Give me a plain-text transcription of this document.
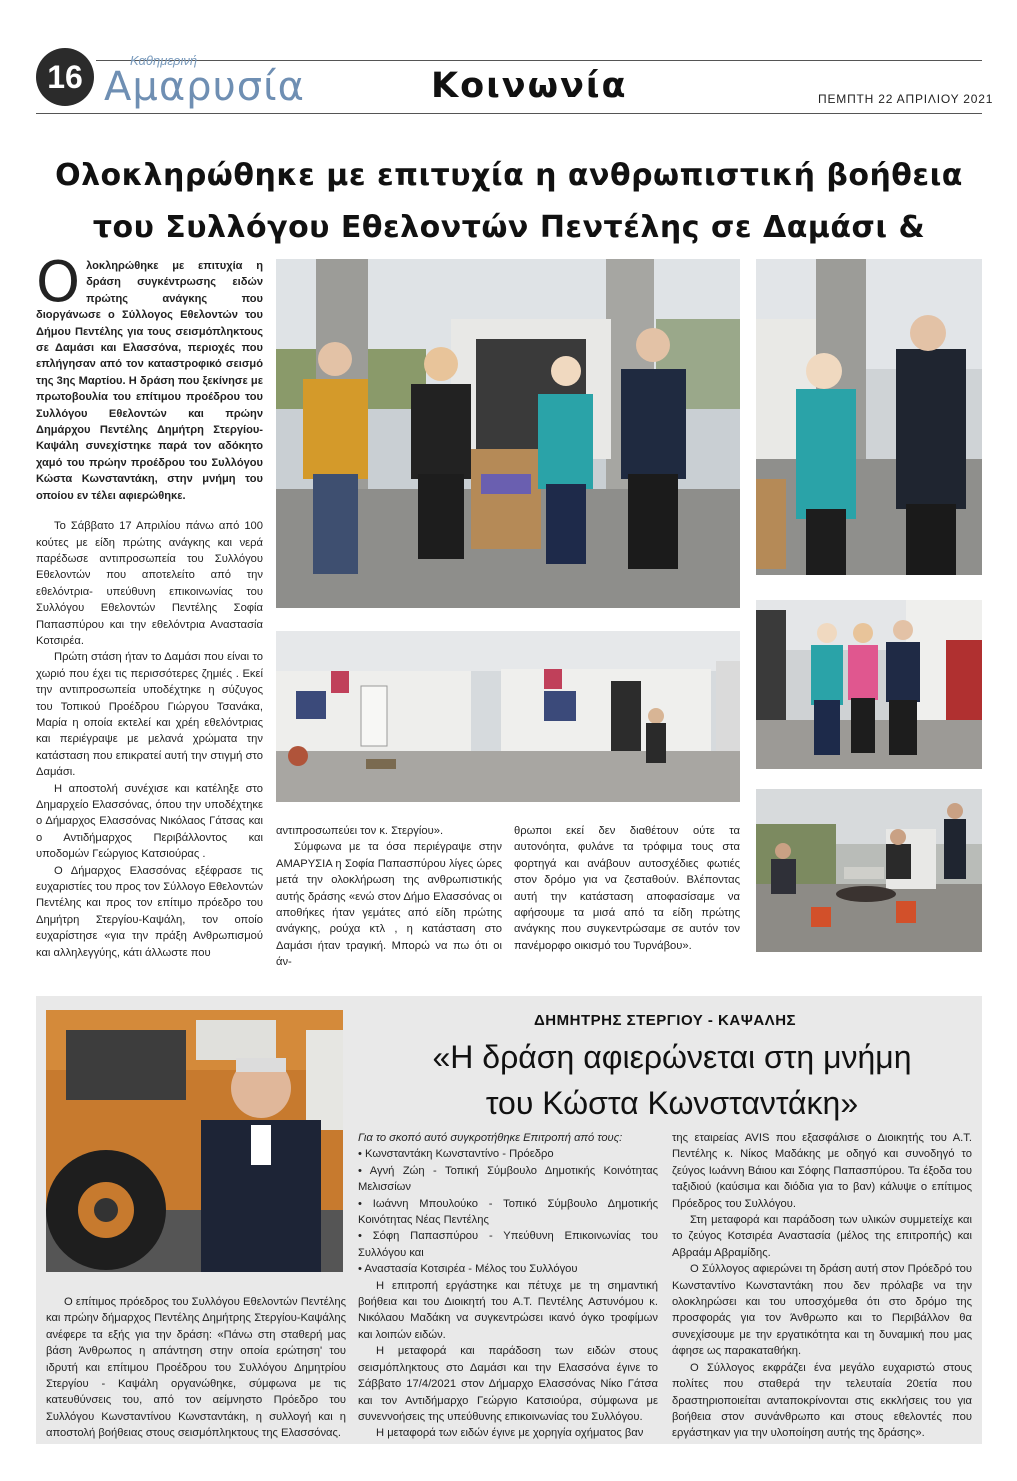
16	Καθημερινή
Αμαρυσία	Κοινωνία	ΠΕΜΠΤΗ 22 ΑΠΡΙΛΙΟΥ 2021
Ολοκληρώθηκε με επιτυχία η ανθρωπιστική βοήθεια
του Συλλόγου Εθελοντών Πεντέλης σε Δαμάσι &
Ο λοκληρώθηκε με επιτυχία η δράση συγκέντρωσης ειδών πρώτης ανάγκης που διοργάνωσε ο Σύλλογος Εθελοντών του Δήμου Πεντέλης για τους σεισμόπληκτους σε Δαμάσι και Ελασσόνα, περιοχές που επλήγησαν από τον καταστροφικό σεισμό της 3ης Μαρτίου. Η δράση που ξεκίνησε με πρωτοβουλία του επίτιμου προέδρου του Συλλόγου Εθελοντών και πρώην Δημάρχου Πεντέλης Δημήτρη Στεργίου-Καψάλη συνεχίστηκε παρά τον αδόκητο χαμό του πρώην προέδρου του Συλλόγου Κώστα Κωνσταντάκη, στην μνήμη του οποίου εν τέλει αφιερώθηκε.

Το Σάββατο 17 Απριλίου πάνω από 100 κούτες με είδη πρώτης ανάγκης και νερά παρέδωσε αντιπροσωπεία του Συλλόγου Εθελοντών που αποτελείτο από την εθελόντρια- υπεύθυνη επικοινωνίας του Συλλόγου Εθελοντών Πεντέλης Σοφία Παπασπύρου και την εθελόντρια Αναστασία Κοτσιρέα.

Πρώτη στάση ήταν το Δαμάσι που είναι το χωριό που έχει τις περισσότερες ζημιές . Εκεί την αντιπροσωπεία υποδέχτηκε η σύζυγος του Τοπικού Προέδρου Γιώργου Τσανάκα, Μαρία η οποία εκτελεί και χρέη εθελόντριας και περιέγραψε με μελανά χρώματα την κατάσταση που επικρατεί αυτή την στιγμή στο Δαμάσι.

Η αποστολή συνέχισε και κατέληξε στο Δημαρχείο Ελασσόνας, όπου την υποδέχτηκε ο Δήμαρχος Ελασσόνας Νικόλαος Γάτσας και ο Αντιδήμαρχος Περιβάλλοντος και υποδομών Γεώργιος Κατσιούρας .

Ο Δήμαρχος Ελασσόνας εξέφρασε τις ευχαριστίες του προς τον Σύλλογο Εθελοντών Πεντέλης και προς τον επίτιμο πρόεδρο του Δημήτρη Στεργίου-Καψάλη, τον οποίο ευχαρίστησε «για την πράξη Ανθρωπισμού και αλληλεγγύης, κάτι άλλωστε που

αντιπροσωπεύει τον κ. Στεργίου».

Σύμφωνα με τα όσα περιέγραψε στην ΑΜΑΡΥΣΙΑ η Σοφία Παπασπύρου λίγες ώρες μετά την ολοκλήρωση της ανθρωπιστικής αυτής δράσης «ενώ στον Δήμο Ελασσόνας οι αποθήκες ήταν γεμάτες από είδη πρώτης ανάγκης, ρούχα κτλ , η κατάσταση στο Δαμάσι ήταν τραγική. Μπορώ να πω ότι οι άν-

θρωποι εκεί δεν διαθέτουν ούτε τα αυτονόητα, φυλάνε τα τρόφιμα τους στα φορτηγά και ανάβουν αυτοσχέδιες φωτιές στον δρόμο για να ζεσταθούν. Βλέποντας αυτή την κατάσταση αποφασίσαμε να αφήσουμε τα μισά από τα είδη πρώτης ανάγκης που συγκεντρώσαμε σε αυτόν τον πανέμορφο οικισμό του Τυρνάβου».
ΔΗΜΗΤΡΗΣ ΣΤΕΡΓΙΟΥ - ΚΑΨΑΛΗΣ
«Η δράση αφιερώνεται στη μνήμη
του Κώστα Κωνσταντάκη»

Ο επίτιμος πρόεδρος του Συλλόγου Εθελοντών Πεντέλης και πρώην δήμαρχος Πεντέλης Δημήτρης Στεργίου-Καψάλης ανέφερε τα εξής για την δράση: «Πάνω στη σταθερή μας βάση Άνθρωπος η απάντηση στην οποία ερώτηση' του ιδρυτή και επίτιμου Προέδρου του Συλλόγου Δημητρίου Στεργίου - Καψάλη οργανώθηκε, σύμφωνα με τις κατευθύνσεις του, από τον αείμνηστο Πρόεδρο του Συλλόγου Κωνσταντίνου Κωνσταντάκη, η συλλογή και η αποστολή βοήθειας στους σεισμόπληκτους της Ελασσόνας.

Για το σκοπό αυτό συγκροτήθηκε Επιτροπή από τους:
• Κωνσταντάκη Κωνσταντίνο - Πρόεδρο
• Αγνή Ζώη - Τοπική Σύμβουλο Δημοτικής Κοινότητας Μελισσίων
• Ιωάννη Μπουλούκο - Τοπικό Σύμβουλο Δημοτικής Κοινότητας Νέας Πεντέλης
• Σόφη Παπασπύρου - Υπεύθυνη Επικοινωνίας του Συλλόγου και
• Αναστασία Κοτσιρέα - Μέλος του Συλλόγου

Η επιτροπή εργάστηκε και πέτυχε με τη σημαντική βοήθεια και του Διοικητή του Α.Τ. Πεντέλης Αστυνόμου κ. Νικόλαου Μαδάκη να συγκεντρώσει ικανό όγκο τροφίμων και λοιπών ειδών.

Η μεταφορά και παράδοση των ειδών στους σεισμόπληκτους στο Δαμάσι και την Ελασσόνα έγινε το Σάββατο 17/4/2021 στον Δήμαρχο Ελασσόνας Νίκο Γάτσα και τον Αντιδήμαρχο Γεώργιο Κατσιούρα, σύμφωνα με συνεννοήσεις της υπεύθυνης επικοινωνίας του Συλλόγου.

Η μεταφορά των ειδών έγινε με χορηγία οχήματος βαν

της εταιρείας AVIS που εξασφάλισε ο Διοικητής του Α.Τ. Πεντέλης κ. Νίκος Μαδάκης με οδηγό και συνοδηγό το ζεύγος Ιωάννη Βάιου και Σόφης Παπασπύρου. Τα έξοδα του ταξιδιού (καύσιμα και διόδια για το βαν) κάλυψε ο επίτιμος Πρόεδρος του Συλλόγου.

Στη μεταφορά και παράδοση των υλικών συμμετείχε και το ζεύγος Κοτσιρέα Αναστασία (μέλος της επιτροπής) και Αβραάμ Αβραμίδης.

Ο Σύλλογος αφιερώνει τη δράση αυτή στον Πρόεδρό του Κωνσταντίνο Κωνσταντάκη που δεν πρόλαβε να την ολοκληρώσει και του υποσχόμεθα ότι στο δρόμο της προσφοράς για τον Άνθρωπο και το Περιβάλλον θα συνεχίσουμε με την εργατικότητα και τη δυναμική που μας άφησε ως παρακαταθήκη.

Ο Σύλλογος εκφράζει ένα μεγάλο ευχαριστώ στους πολίτες που σταθερά την τελευταία 20ετία που δραστηριοποιείται ανταποκρίνονται στις εκκλήσεις του για βοήθεια στον συνάνθρωπο και στους εθελοντές που εργάστηκαν για την υλοποίηση αυτής της δράσης».
